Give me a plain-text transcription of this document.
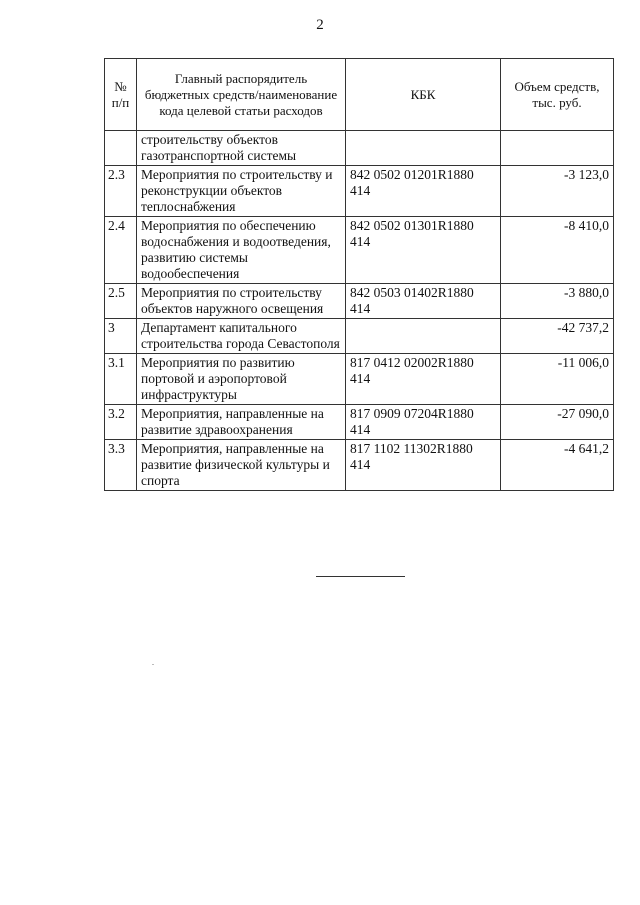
2
№ п/п	Главный распорядитель бюджетных средств/наименование кода целевой статьи расходов	КБК	Объем средств, тыс. руб.
	строительству объектов газотранспортной системы		
2.3	Мероприятия по строительству и реконструкции объектов теплоснабжения	842 0502 01201R1880 414	-3 123,0
2.4	Мероприятия по обеспечению водоснабжения и водоотведения, развитию системы водообеспечения	842 0502 01301R1880 414	-8 410,0
2.5	Мероприятия по строительству объектов наружного освещения	842 0503 01402R1880 414	-3 880,0
3	Департамент капитального строительства города Севастополя		-42 737,2
3.1	Мероприятия по развитию портовой и аэропортовой инфраструктуры	817 0412 02002R1880 414	-11 006,0
3.2	Мероприятия, направленные на развитие здравоохранения	817 0909 07204R1880 414	-27 090,0
3.3	Мероприятия, направленные на развитие физической культуры и спорта	817 1102 11302R1880 414	-4 641,2
